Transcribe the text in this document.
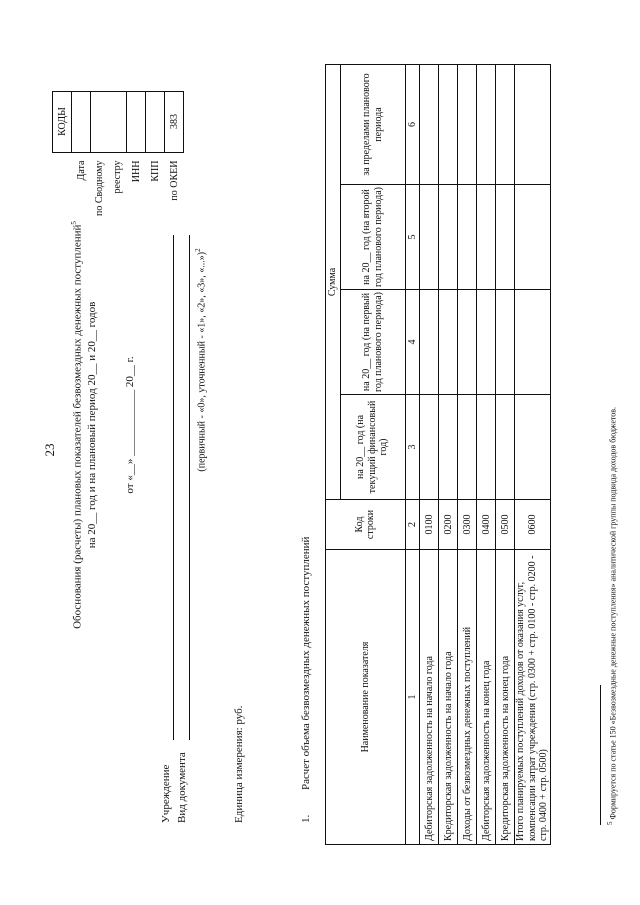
23 Обоснования (расчеты) плановых показателей безвозмездных денежных поступлений$^5$
на 20__ год и на плановый период 20__ и 20__ годов от «__» ____________ 20__ г.
Учреждение Вид документа
(первичный - «0», уточненный - «1», «2», «3», «...»)$^2$
Единица измерения: руб.
	КОДЫ
Дата	
по Сводному	
реестру	
ИНН	
КПП	
по ОКЕИ	383
1.
Расчет объема безвозмездных денежных поступлений	Наименование показателя	Код строки	Сумма			
		на 20__ год (на текущий финансовый год)	на 20__ год (на первый год планового периода)	на 20__ год (на второй год планового периода)	за пределами планового периода
1	2	3	4	5	6
Дебиторская задолженность на начало года	0100				
Кредиторская задолженность на начало года	0200				
Доходы от безвозмездных денежных поступлений	0300				
Дебиторская задолженность на конец года	0400				
Кредиторская задолженность на конец года	0500				
Итого планируемых поступлений доходов от оказания услуг, компенсации затрат учреждения (стр. 0300 + стр. 0100 - стр. 0200 - стр. 0400 + стр. 0500)	0600				
5 Формируется по статье 150 «Безвозмездные денежные поступления» аналитической группы подвида доходов бюджетов.
